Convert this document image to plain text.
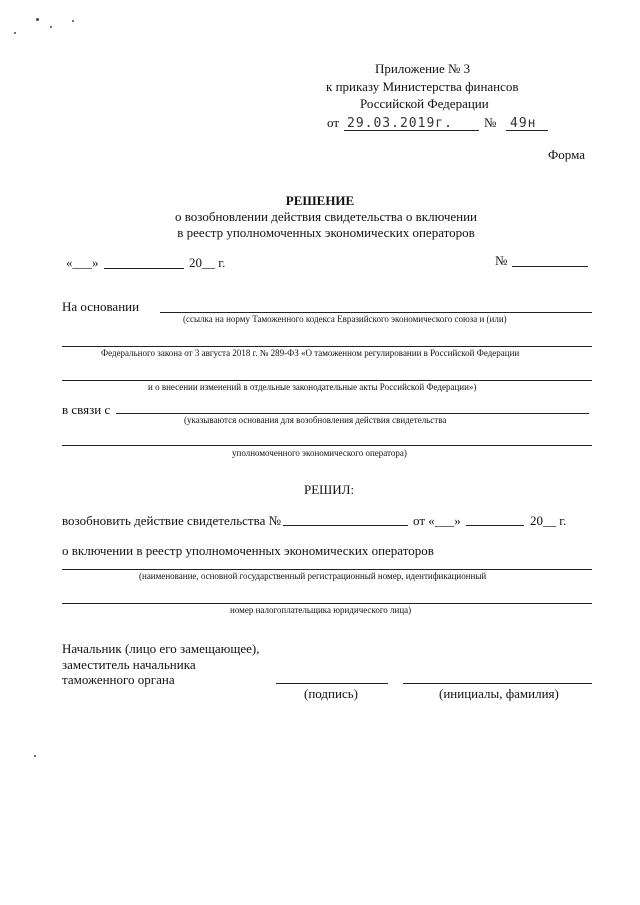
Приложение № 3
к приказу Министерства финансов
Российской Федерации
от 29.03.2019г. № 49н
Форма
РЕШЕНИЕ
о возобновлении действия свидетельства о включении
в реестр уполномоченных экономических операторов
«___»	20__ г.	№
На основании
(ссылка на норму Таможенного кодекса Евразийского экономического союза и (или)
Федерального закона от 3 августа 2018 г. № 289-ФЗ «О таможенном регулировании в Российской Федерации
и о внесении изменений в отдельные законодательные акты Российской Федерации»)
в связи с
(указываются основания для возобновления действия свидетельства
уполномоченного экономического оператора)
РЕШИЛ:
возобновить действие свидетельства №	от «___»	20__ г.
о включении в реестр уполномоченных экономических операторов
(наименование, основной государственный регистрационный номер, идентификационный
номер налогоплательщика юридического лица)
Начальник (лицо его замещающее),
заместитель начальника
таможенного органа
(подпись)	(инициалы, фамилия)
